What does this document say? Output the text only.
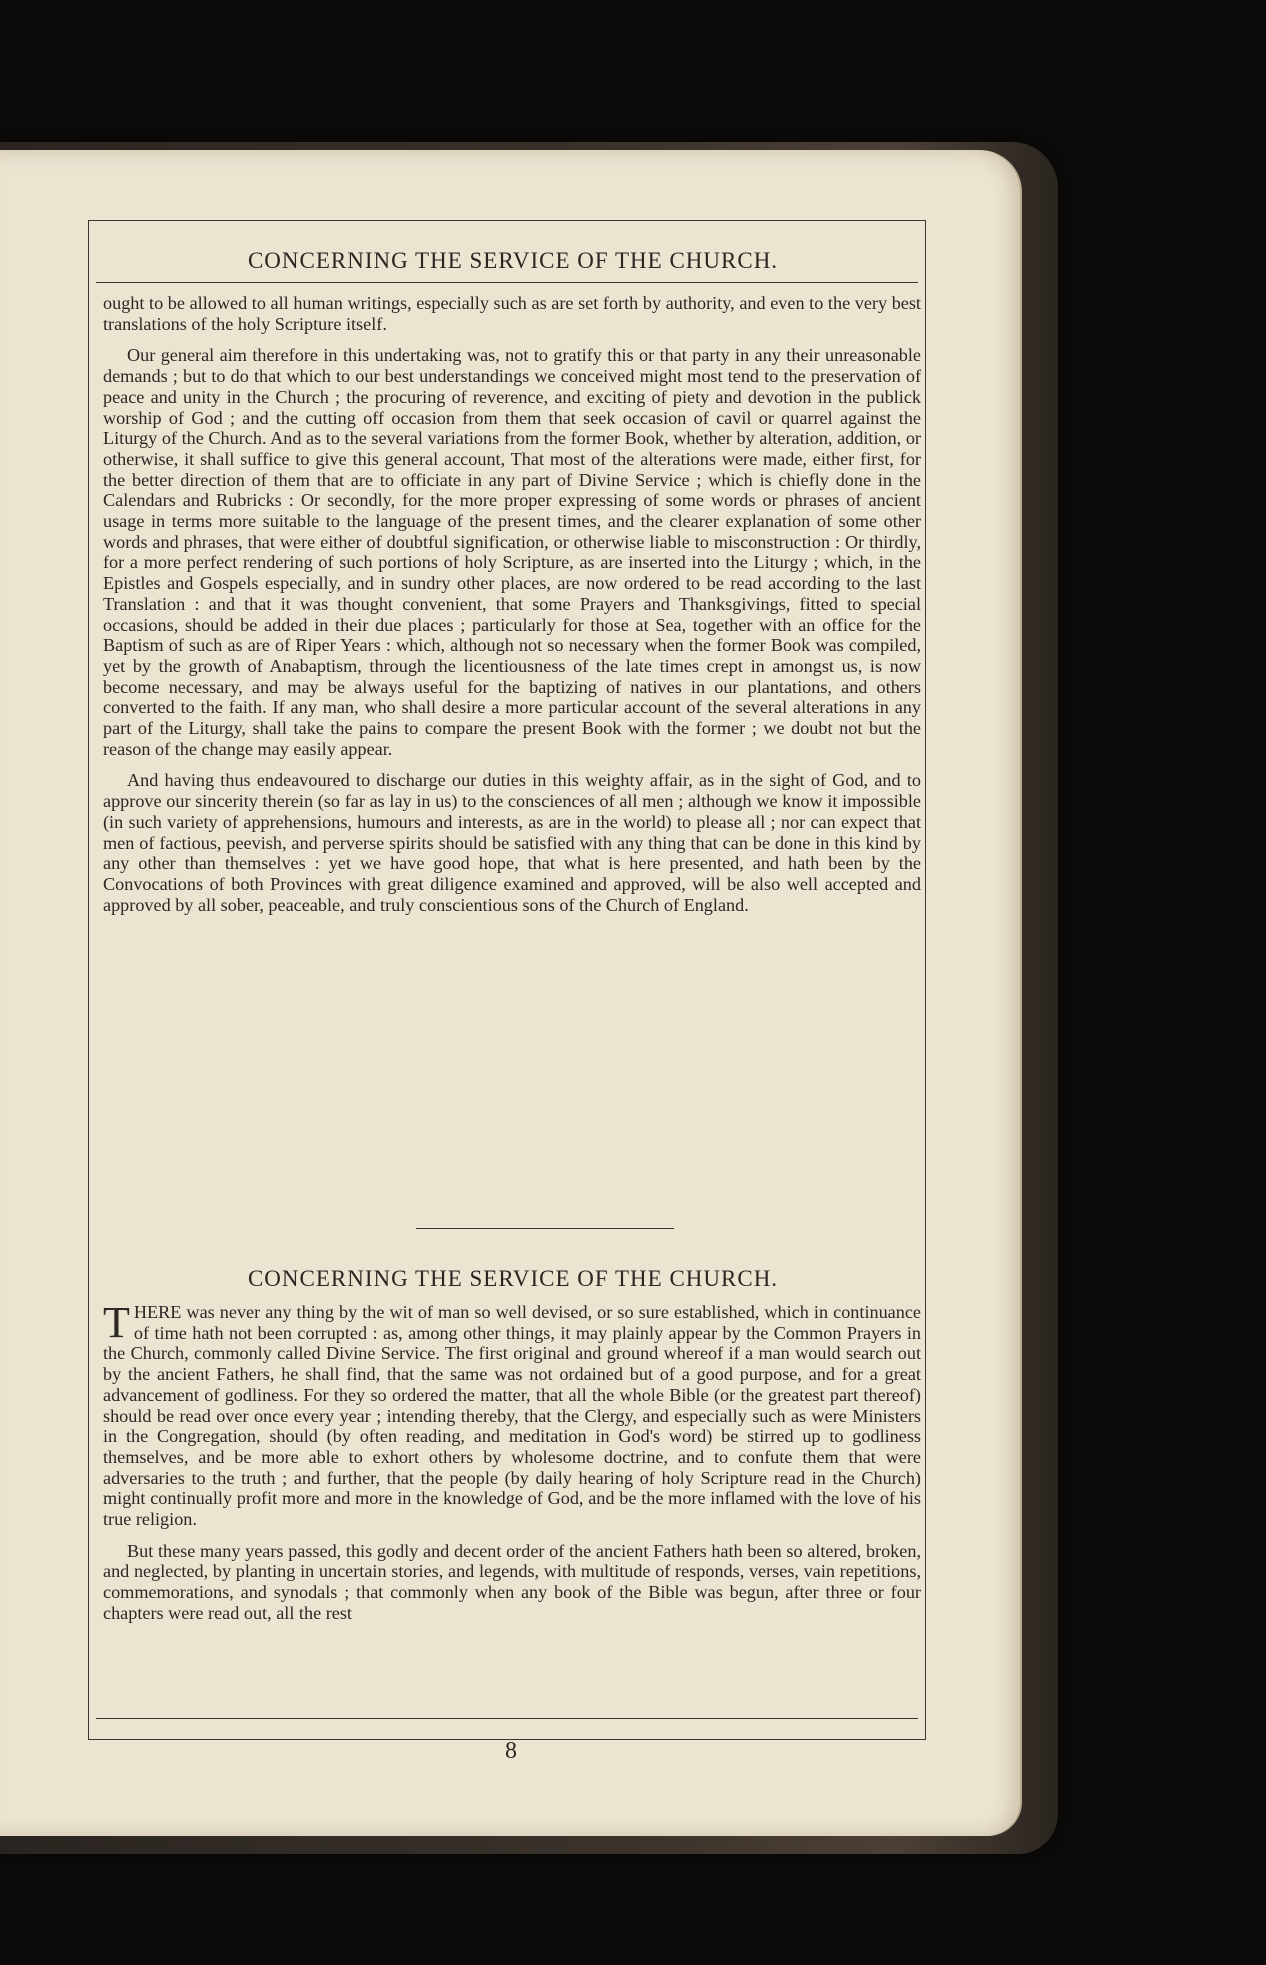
CONCERNING THE SERVICE OF THE CHURCH.

ought to be allowed to all human writings, especially such as are set forth by authority, and even to the very best translations of the holy Scripture itself.

Our general aim therefore in this undertaking was, not to gratify this or that party in any their unreasonable demands ; but to do that which to our best understandings we conceived might most tend to the preservation of peace and unity in the Church ; the procuring of reverence, and exciting of piety and devotion in the publick worship of God ; and the cutting off occasion from them that seek occasion of cavil or quarrel against the Liturgy of the Church. And as to the several variations from the former Book, whether by alteration, addition, or otherwise, it shall suffice to give this general account, That most of the alterations were made, either first, for the better direction of them that are to officiate in any part of Divine Service ; which is chiefly done in the Calendars and Rubricks : Or secondly, for the more proper expressing of some words or phrases of ancient usage in terms more suitable to the language of the present times, and the clearer explanation of some other words and phrases, that were either of doubtful signification, or otherwise liable to misconstruction : Or thirdly, for a more perfect rendering of such portions of holy Scripture, as are inserted into the Liturgy ; which, in the Epistles and Gospels especially, and in sundry other places, are now ordered to be read according to the last Translation : and that it was thought convenient, that some Prayers and Thanksgivings, fitted to special occasions, should be added in their due places ; particularly for those at Sea, together with an office for the Baptism of such as are of Riper Years : which, although not so necessary when the former Book was compiled, yet by the growth of Anabaptism, through the licentiousness of the late times crept in amongst us, is now become necessary, and may be always useful for the baptizing of natives in our plantations, and others converted to the faith. If any man, who shall desire a more particular account of the several alterations in any part of the Liturgy, shall take the pains to compare the present Book with the former ; we doubt not but the reason of the change may easily appear.

And having thus endeavoured to discharge our duties in this weighty affair, as in the sight of God, and to approve our sincerity therein (so far as lay in us) to the consciences of all men ; although we know it impossible (in such variety of apprehensions, humours and interests, as are in the world) to please all ; nor can expect that men of factious, peevish, and perverse spirits should be satisfied with any thing that can be done in this kind by any other than themselves : yet we have good hope, that what is here presented, and hath been by the Convocations of both Provinces with great diligence examined and approved, will be also well accepted and approved by all sober, peaceable, and truly conscientious sons of the Church of England.

CONCERNING THE SERVICE OF THE CHURCH.

THERE was never any thing by the wit of man so well devised, or so sure established, which in continuance of time hath not been corrupted : as, among other things, it may plainly appear by the Common Prayers in the Church, commonly called Divine Service. The first original and ground whereof if a man would search out by the ancient Fathers, he shall find, that the same was not ordained but of a good purpose, and for a great advancement of godliness. For they so ordered the matter, that all the whole Bible (or the greatest part thereof) should be read over once every year ; intending thereby, that the Clergy, and especially such as were Ministers in the Congregation, should (by often reading, and meditation in God's word) be stirred up to godliness themselves, and be more able to exhort others by wholesome doctrine, and to confute them that were adversaries to the truth ; and further, that the people (by daily hearing of holy Scripture read in the Church) might continually profit more and more in the knowledge of God, and be the more inflamed with the love of his true religion.

But these many years passed, this godly and decent order of the ancient Fathers hath been so altered, broken, and neglected, by planting in uncertain stories, and legends, with multitude of responds, verses, vain repetitions, commemorations, and synodals ; that commonly when any book of the Bible was begun, after three or four chapters were read out, all the rest

8
